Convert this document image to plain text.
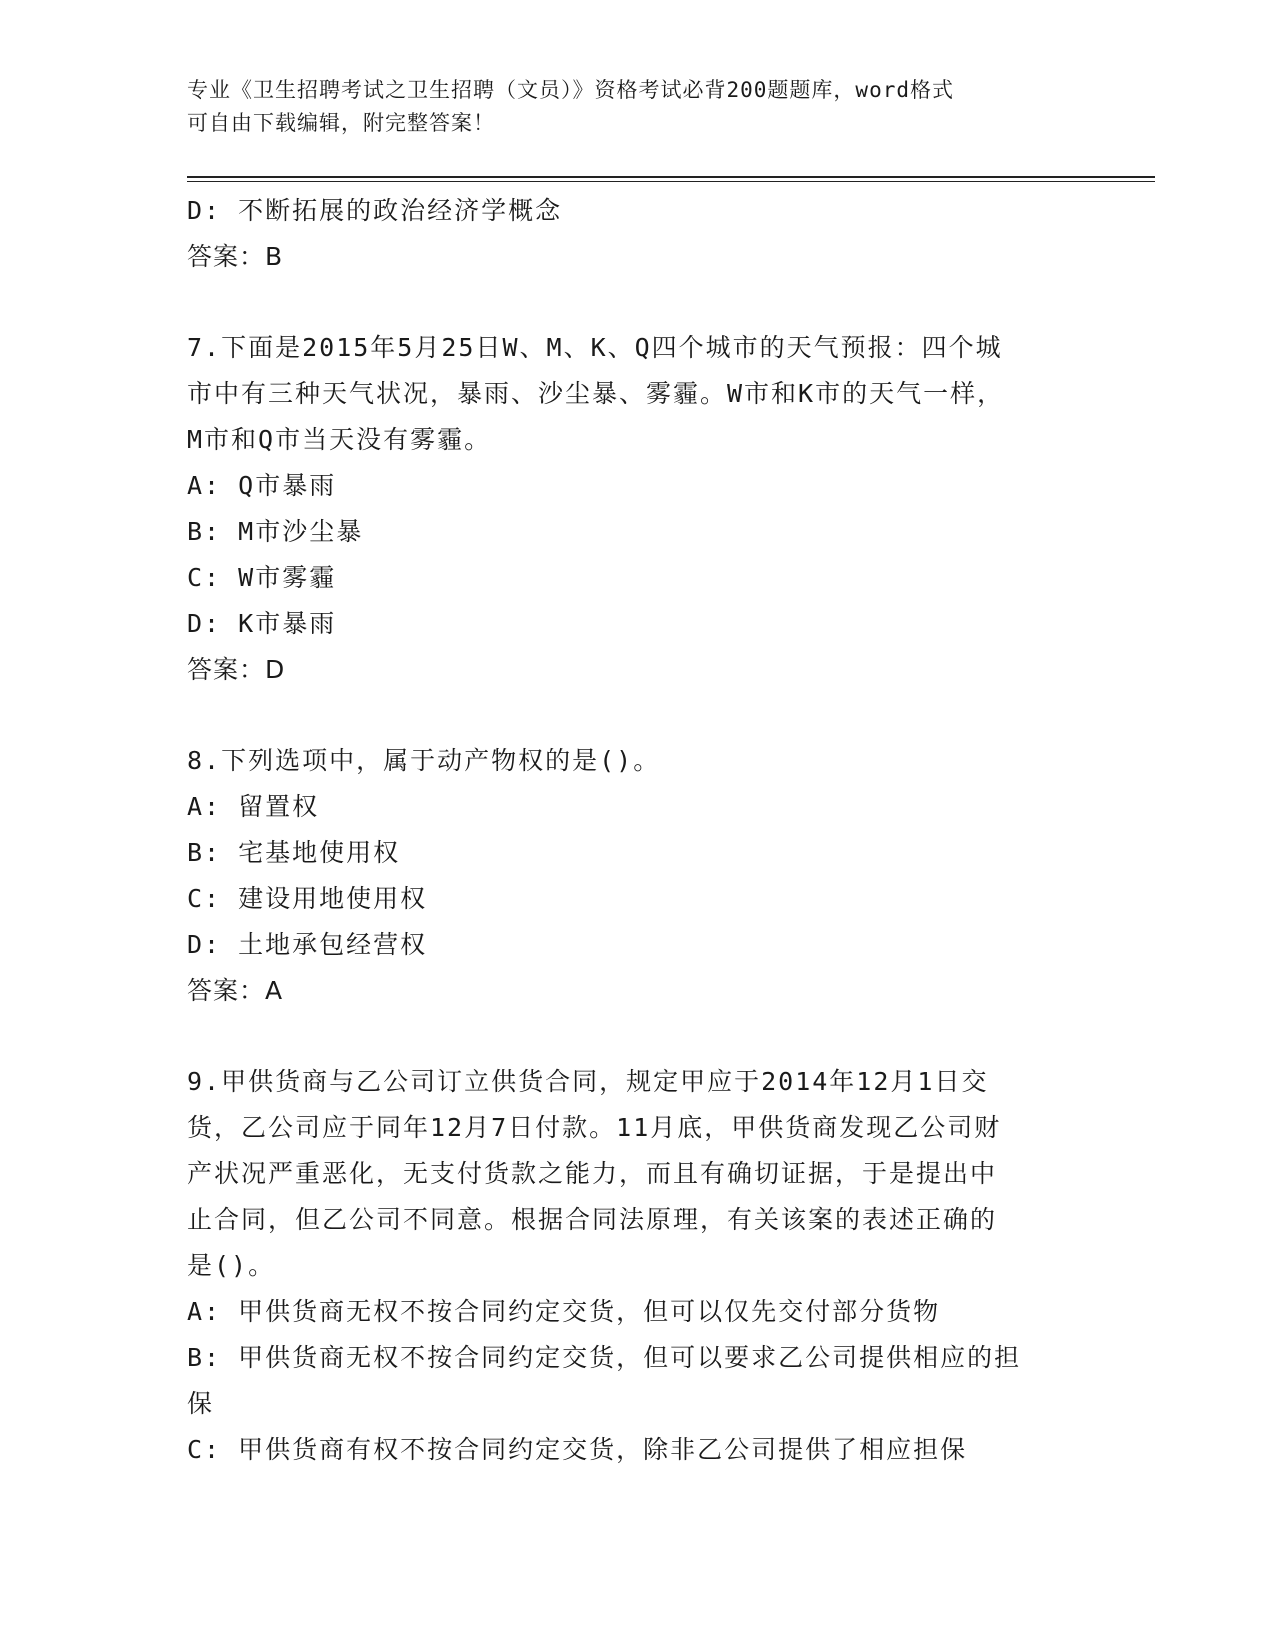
专业《卫生招聘考试之卫生招聘（文员）》资格考试必背200题题库，word格式
可自由下载编辑，附完整答案！
D: 不断拓展的政治经济学概念
答案：B
7.下面是2015年5月25日W、M、K、Q四个城市的天气预报：四个城
市中有三种天气状况，暴雨、沙尘暴、雾霾。W市和K市的天气一样，
M市和Q市当天没有雾霾。
A: Q市暴雨
B: M市沙尘暴
C: W市雾霾
D: K市暴雨
答案：D
8.下列选项中，属于动产物权的是()。
A: 留置权
B: 宅基地使用权
C: 建设用地使用权
D: 土地承包经营权
答案：A
9.甲供货商与乙公司订立供货合同，规定甲应于2014年12月1日交
货，乙公司应于同年12月7日付款。11月底，甲供货商发现乙公司财
产状况严重恶化，无支付货款之能力，而且有确切证据，于是提出中
止合同，但乙公司不同意。根据合同法原理，有关该案的表述正确的
是()。
A: 甲供货商无权不按合同约定交货，但可以仅先交付部分货物
B: 甲供货商无权不按合同约定交货，但可以要求乙公司提供相应的担
保
C: 甲供货商有权不按合同约定交货，除非乙公司提供了相应担保
